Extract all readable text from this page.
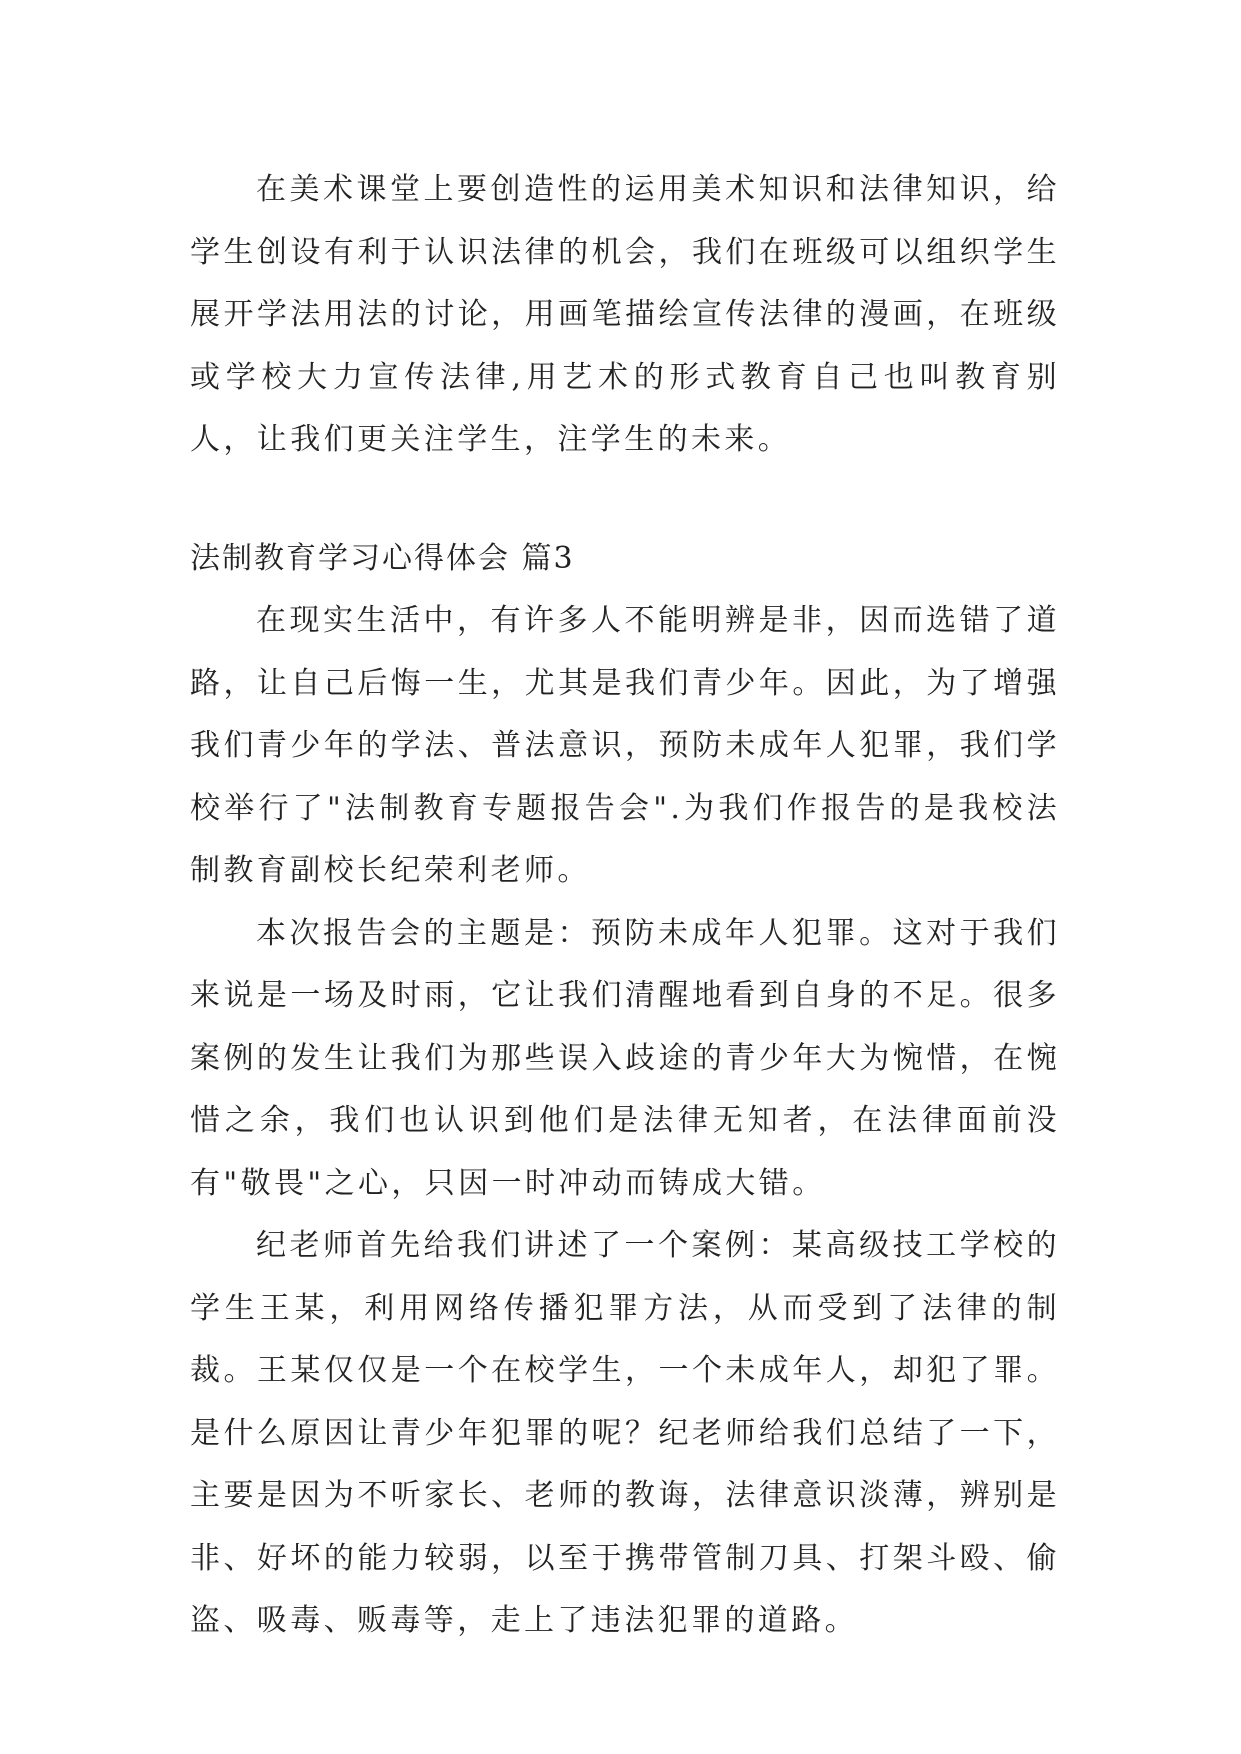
在美术课堂上要创造性的运用美术知识和法律知识，给学生创设有利于认识法律的机会，我们在班级可以组织学生展开学法用法的讨论，用画笔描绘宣传法律的漫画，在班级或学校大力宣传法律,用艺术的形式教育自己也叫教育别人，让我们更关注学生，注学生的未来。

法制教育学习心得体会 篇3

在现实生活中，有许多人不能明辨是非，因而选错了道路，让自己后悔一生，尤其是我们青少年。因此，为了增强我们青少年的学法、普法意识，预防未成年人犯罪，我们学校举行了"法制教育专题报告会".为我们作报告的是我校法制教育副校长纪荣利老师。

本次报告会的主题是：预防未成年人犯罪。这对于我们来说是一场及时雨，它让我们清醒地看到自身的不足。很多案例的发生让我们为那些误入歧途的青少年大为惋惜，在惋惜之余，我们也认识到他们是法律无知者，在法律面前没有"敬畏"之心，只因一时冲动而铸成大错。

纪老师首先给我们讲述了一个案例：某高级技工学校的学生王某，利用网络传播犯罪方法，从而受到了法律的制裁。王某仅仅是一个在校学生，一个未成年人，却犯了罪。是什么原因让青少年犯罪的呢？纪老师给我们总结了一下，主要是因为不听家长、老师的教诲，法律意识淡薄，辨别是非、好坏的能力较弱，以至于携带管制刀具、打架斗殴、偷盗、吸毒、贩毒等，走上了违法犯罪的道路。
